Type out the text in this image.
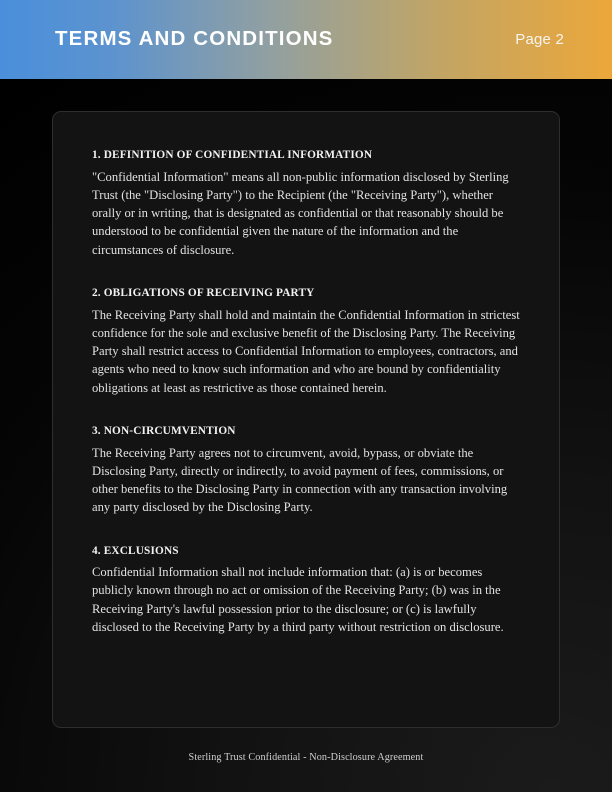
TERMS AND CONDITIONS	Page 2
1. DEFINITION OF CONFIDENTIAL INFORMATION

"Confidential Information" means all non-public information disclosed by Sterling Trust (the "Disclosing Party") to the Recipient (the "Receiving Party"), whether orally or in writing, that is designated as confidential or that reasonably should be understood to be confidential given the nature of the information and the circumstances of disclosure.

2. OBLIGATIONS OF RECEIVING PARTY

The Receiving Party shall hold and maintain the Confidential Information in strictest confidence for the sole and exclusive benefit of the Disclosing Party. The Receiving Party shall restrict access to Confidential Information to employees, contractors, and agents who need to know such information and who are bound by confidentiality obligations at least as restrictive as those contained herein.

3. NON-CIRCUMVENTION

The Receiving Party agrees not to circumvent, avoid, bypass, or obviate the Disclosing Party, directly or indirectly, to avoid payment of fees, commissions, or other benefits to the Disclosing Party in connection with any transaction involving any party disclosed by the Disclosing Party.

4. EXCLUSIONS

Confidential Information shall not include information that: (a) is or becomes publicly known through no act or omission of the Receiving Party; (b) was in the Receiving Party's lawful possession prior to the disclosure; or (c) is lawfully disclosed to the Receiving Party by a third party without restriction on disclosure.

Sterling Trust Confidential - Non-Disclosure Agreement
